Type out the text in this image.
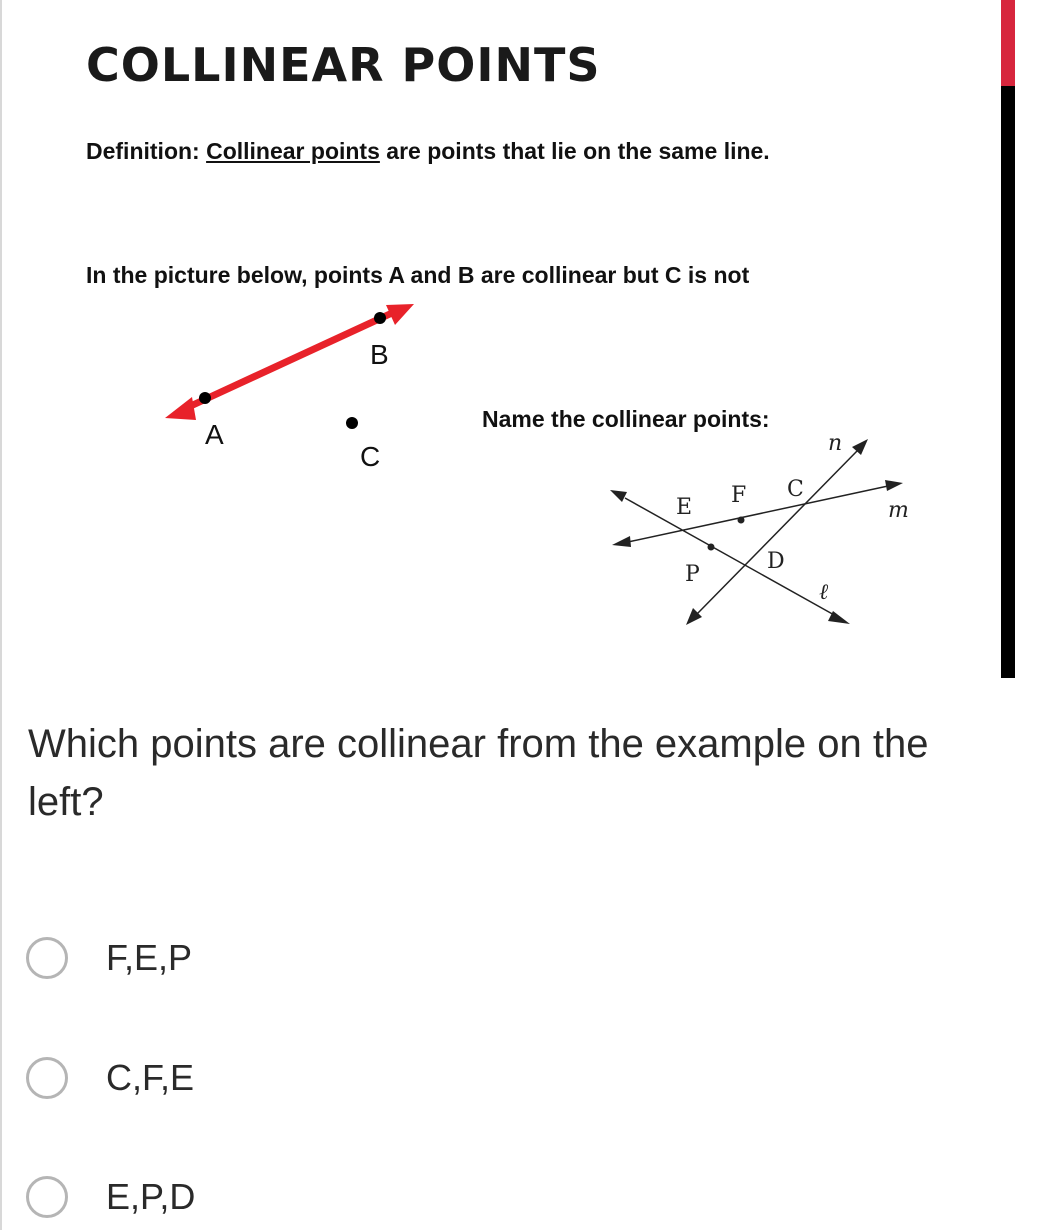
COLLINEAR POINTS
Definition: Collinear points are points that lie on the same line.
In the picture below, points A and B are collinear but C is not
Name the collinear points:
B
A
C
E F C
P
D
n
m
ℓ

Which points are collinear from the example on the left?

F,E,P
C,F,E
E,P,D
